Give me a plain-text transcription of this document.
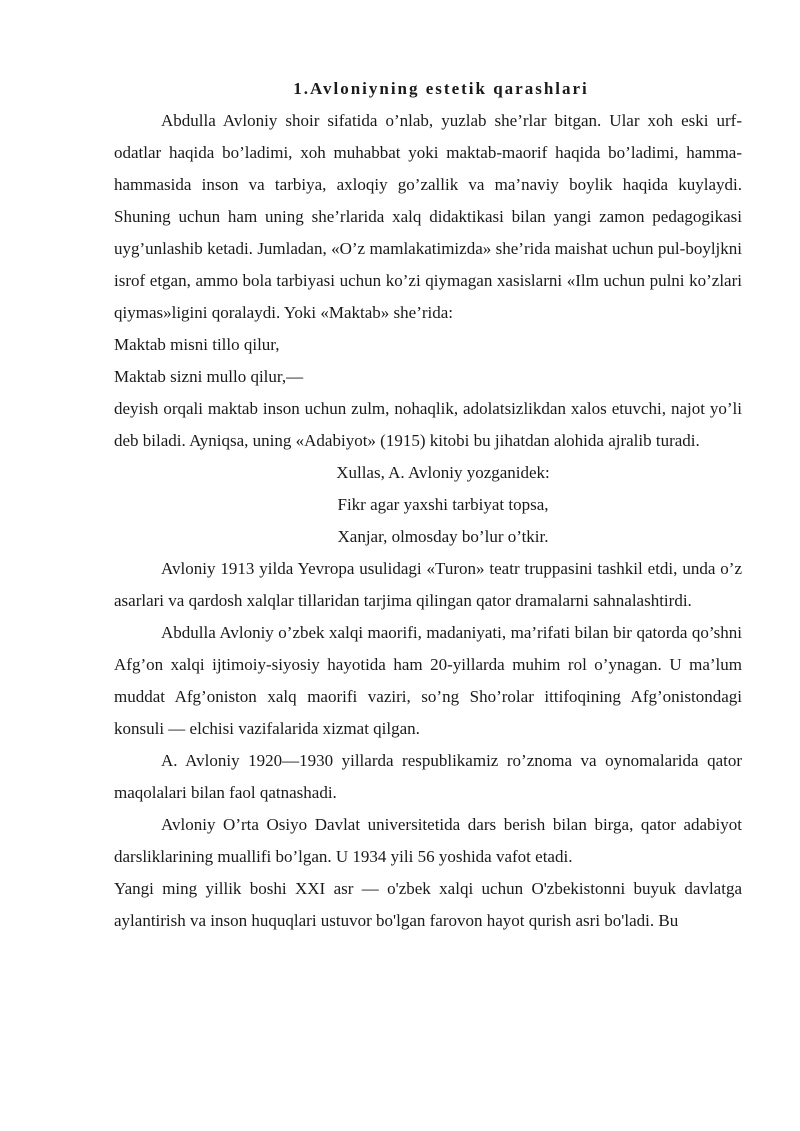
1.Avloniyning estetik qarashlari

Abdulla Avloniy shoir sifatida o’nlab, yuzlab she’rlar bitgan. Ular xoh eski urf-odatlar haqida bo’ladimi, xoh muhabbat yoki maktab-maorif haqida bo’ladimi, hamma-hammasida inson va tarbiya, axloqiy go’zallik va ma’naviy boylik haqida kuylaydi. Shuning uchun ham uning she’rlarida xalq didaktikasi bilan yangi zamon pedagogikasi uyg’unlashib ketadi. Jumladan, «O’z mamlakatimizda» she’rida maishat uchun pul-boyljkni isrof etgan, ammo bola tarbiyasi uchun ko’zi qiymagan xasislarni «Ilm uchun pulni ko’zlari qiymas»ligini qoralaydi. Yoki «Maktab» she’rida:

Maktab misni tillo qilur,
Maktab sizni mullo qilur,—

deyish orqali maktab inson uchun zulm, nohaqlik, adolatsizlikdan xalos etuvchi, najot yo’li deb biladi. Ayniqsa, uning «Adabiyot» (1915) kitobi bu jihatdan alohida ajralib turadi.

Xullas, A. Avloniy yozganidek:
Fikr agar yaxshi tarbiyat topsa,
Xanjar, olmosday bo’lur o’tkir.

Avloniy 1913 yilda Yevropa usulidagi «Turon» teatr truppasini tashkil etdi, unda o’z asarlari va qardosh xalqlar tillaridan tarjima qilingan qator dramalarni sahnalashtirdi.

Abdulla Avloniy o’zbek xalqi maorifi, madaniyati, ma’rifati bilan bir qatorda qo’shni Afg’on xalqi ijtimoiy-siyosiy hayotida ham 20-yillarda muhim rol o’ynagan. U ma’lum muddat Afg’oniston xalq maorifi vaziri, so’ng Sho’rolar ittifoqining Afg’onistondagi konsuli — elchisi vazifalarida xizmat qilgan.

A. Avloniy 1920—1930 yillarda respublikamiz ro’znoma va oynomalarida qator maqolalari bilan faol qatnashadi.

Avloniy O’rta Osiyo Davlat universitetida dars berish bilan birga, qator adabiyot darsliklarining muallifi bo’lgan. U 1934 yili 56 yoshida vafot etadi.

Yangi ming yillik boshi XXI asr — o'zbek xalqi uchun O'zbekistonni buyuk davlatga aylantirish va inson huquqlari ustuvor bo'lgan farovon hayot qurish asri bo'ladi. Bu
